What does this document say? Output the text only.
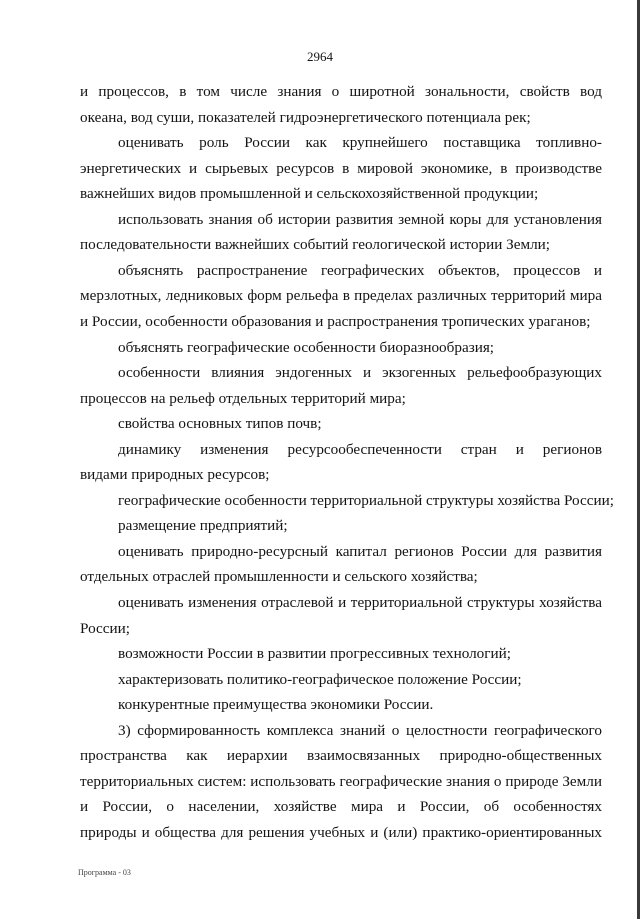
2964
и процессов, в том числе знания о широтной зональности, свойств вод
океана, вод суши, показателей гидроэнергетического потенциала рек;
оценивать роль России как крупнейшего поставщика топливно-
энергетических и сырьевых ресурсов в мировой экономике, в производстве
важнейших видов промышленной и сельскохозяйственной продукции;
использовать знания об истории развития земной коры для установления
последовательности важнейших событий геологической истории Земли;
объяснять распространение географических объектов, процессов и
мерзлотных, ледниковых форм рельефа в пределах различных территорий мира
и России, особенности образования и распространения тропических ураганов;
объяснять географические особенности биоразнообразия;
особенности влияния эндогенных и экзогенных рельефообразующих
процессов на рельеф отдельных территорий мира;
свойства основных типов почв;
динамику изменения ресурсообеспеченности стран и регионов
видами природных ресурсов;
географические особенности территориальной структуры хозяйства России;
размещение предприятий;
оценивать природно-ресурсный капитал регионов России для развития
отдельных отраслей промышленности и сельского хозяйства;
оценивать изменения отраслевой и территориальной структуры хозяйства
России;
возможности России в развитии прогрессивных технологий;
характеризовать политико-географическое положение России;
конкурентные преимущества экономики России.
3) сформированность комплекса знаний о целостности географического
пространства как иерархии взаимосвязанных природно-общественных
территориальных систем: использовать географические знания о природе Земли
и России, о населении, хозяйстве мира и России, об особенностях
природы и общества для решения учебных и (или) практико-ориентированных
Программа - 03
